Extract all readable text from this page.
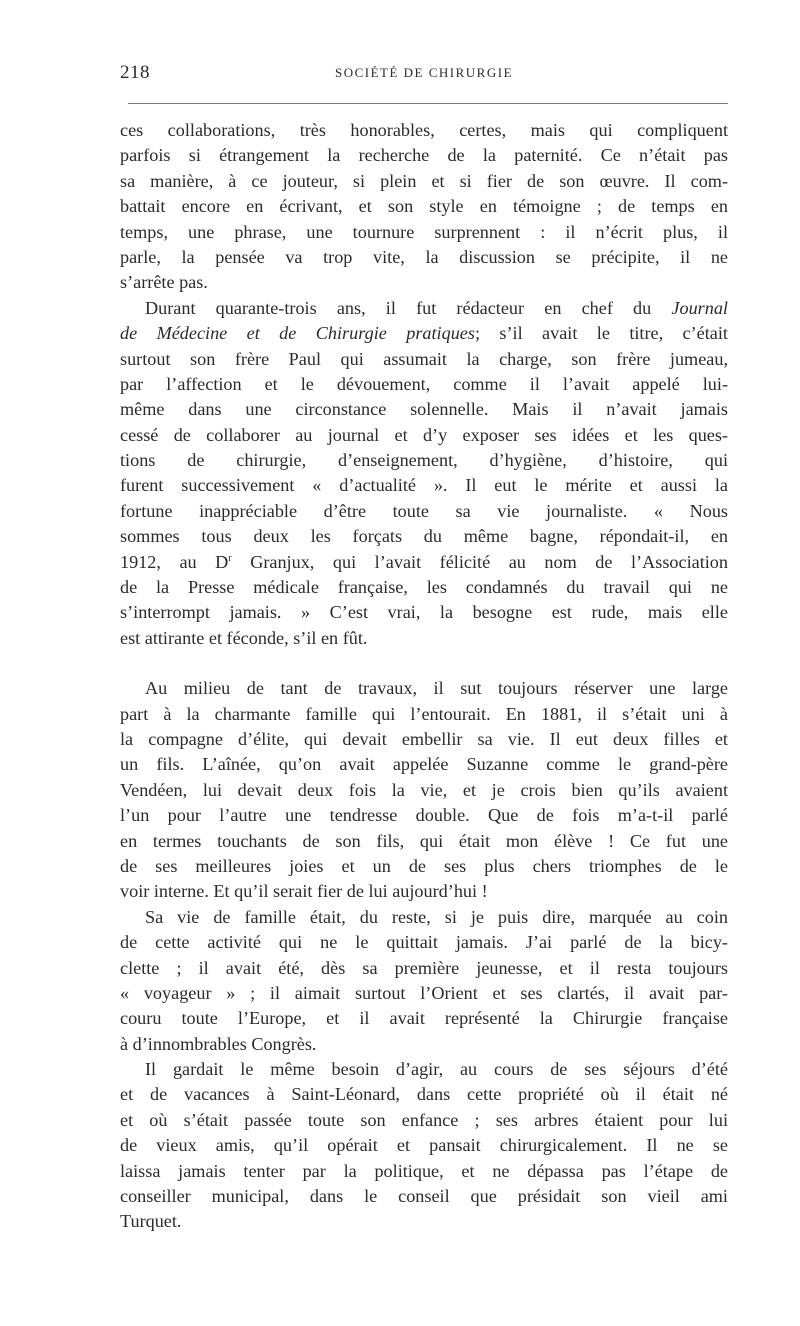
218	SOCIÉTÉ DE CHIRURGIE
ces collaborations, très honorables, certes, mais qui compliquent
parfois si étrangement la recherche de la paternité. Ce n’était pas
sa manière, à ce jouteur, si plein et si fier de son œuvre. Il com-
battait encore en écrivant, et son style en témoigne ; de temps en
temps, une phrase, une tournure surprennent : il n’écrit plus, il
parle, la pensée va trop vite, la discussion se précipite, il ne
s’arrête pas.
Durant quarante-trois ans, il fut rédacteur en chef du Journal
de Médecine et de Chirurgie pratiques; s’il avait le titre, c’était
surtout son frère Paul qui assumait la charge, son frère jumeau,
par l’affection et le dévouement, comme il l’avait appelé lui-
même dans une circonstance solennelle. Mais il n’avait jamais
cessé de collaborer au journal et d’y exposer ses idées et les ques-
tions de chirurgie, d’enseignement, d’hygiène, d’histoire, qui
furent successivement « d’actualité ». Il eut le mérite et aussi la
fortune inappréciable d’être toute sa vie journaliste. « Nous
sommes tous deux les forçats du même bagne, répondait-il, en
1912, au $D^r$ Granjux, qui l’avait félicité au nom de l’Association
de la Presse médicale française, les condamnés du travail qui ne
s’interrompt jamais. » C’est vrai, la besogne est rude, mais elle
est attirante et féconde, s’il en fût.
Au milieu de tant de travaux, il sut toujours réserver une large
part à la charmante famille qui l’entourait. En 1881, il s’était uni à
la compagne d’élite, qui devait embellir sa vie. Il eut deux filles et
un fils. L’aînée, qu’on avait appelée Suzanne comme le grand-père
Vendéen, lui devait deux fois la vie, et je crois bien qu’ils avaient
l’un pour l’autre une tendresse double. Que de fois m’a-t-il parlé
en termes touchants de son fils, qui était mon élève ! Ce fut une
de ses meilleures joies et un de ses plus chers triomphes de le
voir interne. Et qu’il serait fier de lui aujourd’hui !
Sa vie de famille était, du reste, si je puis dire, marquée au coin
de cette activité qui ne le quittait jamais. J’ai parlé de la bicy-
clette ; il avait été, dès sa première jeunesse, et il resta toujours
« voyageur » ; il aimait surtout l’Orient et ses clartés, il avait par-
couru toute l’Europe, et il avait représenté la Chirurgie française
à d’innombrables Congrès.
Il gardait le même besoin d’agir, au cours de ses séjours d’été
et de vacances à Saint-Léonard, dans cette propriété où il était né
et où s’était passée toute son enfance ; ses arbres étaient pour lui
de vieux amis, qu’il opérait et pansait chirurgicalement. Il ne se
laissa jamais tenter par la politique, et ne dépassa pas l’étape de
conseiller municipal, dans le conseil que présidait son vieil ami
Turquet.
